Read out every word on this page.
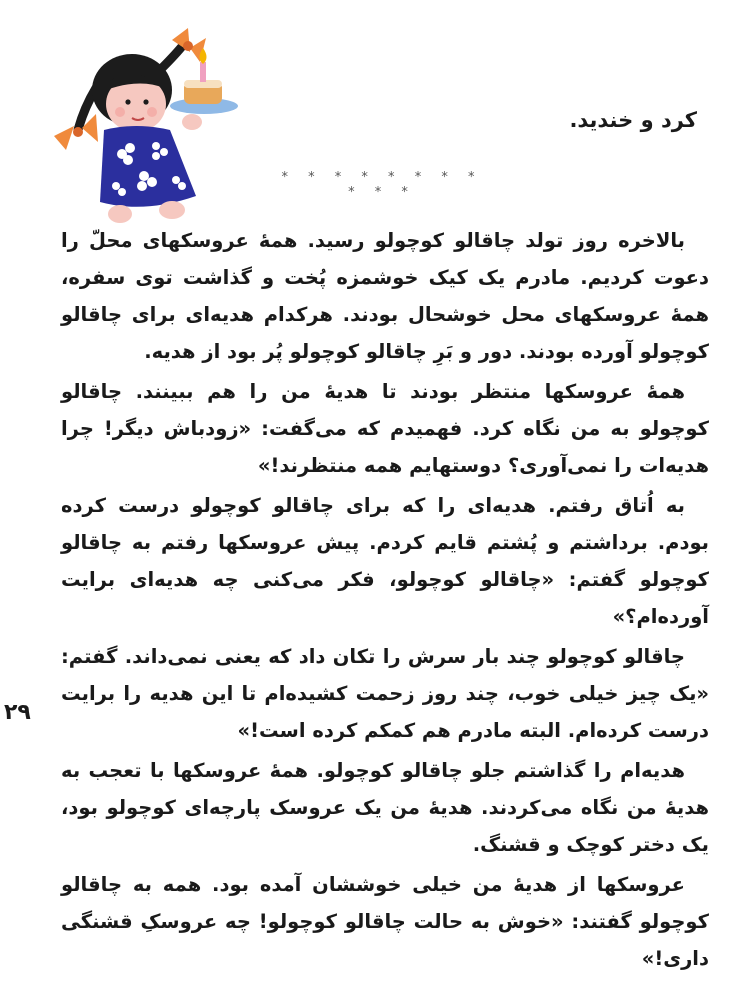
کرد و خندید.

* * * * * * * * * * *

۲۹

بالاخره روز تولد چاقالو کوچولو رسید. همهٔ عروسکهای محلّ را دعوت کردیم. مادرم یک کیک خوشمزه پُخت و گذاشت توی سفره، همهٔ عروسکهای محل خوشحال بودند. هرکدام هدیه‌ای برای چاقالو کوچولو آورده بودند. دور و بَرِ چاقالو کوچولو پُر بود از هدیه.

همهٔ عروسکها منتظر بودند تا هدیهٔ من را هم ببینند. چاقالو کوچولو به من نگاه کرد. فهمیدم که می‌گفت: «زودباش دیگر! چرا هدیه‌ات را نمی‌آوری؟ دوستهایم همه منتظرند!»

به اُتاق رفتم. هدیه‌ای را که برای چاقالو کوچولو درست کرده بودم. برداشتم و پُشتم قایم کردم. پیش عروسکها رفتم به چاقالو کوچولو گفتم: «چاقالو کوچولو، فکر می‌کنی چه هدیه‌ای برایت آورده‌ام؟»

چاقالو کوچولو چند بار سرش را تکان داد که یعنی نمی‌داند. گفتم: «یک چیز خیلی خوب، چند روز زحمت کشیده‌ام تا این هدیه را برایت درست کرده‌ام. البته مادرم هم کمکم کرده است!»

هدیه‌ام را گذاشتم جلو چاقالو کوچولو. همهٔ عروسکها با تعجب به هدیهٔ من نگاه می‌کردند. هدیهٔ من یک عروسک پارچه‌ای کوچولو بود، یک دختر کوچک و قشنگ.

عروسکها از هدیهٔ من خیلی خوششان آمده بود. همه به چاقالو کوچولو گفتند: «خوش به حالت چاقالو کوچولو! چه عروسکِ قشنگی داری!»
